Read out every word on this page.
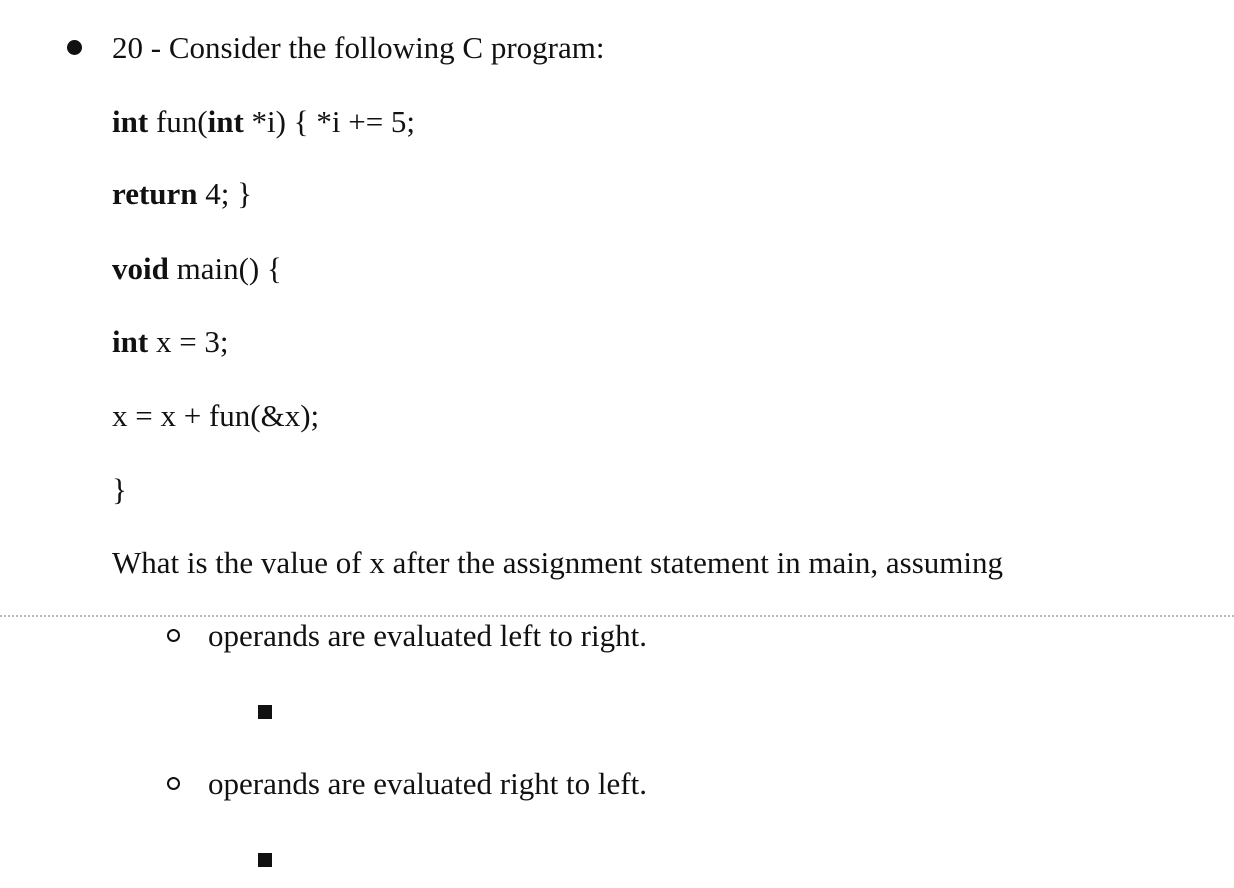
20 - Consider the following C program:
int fun(int *i) { *i += 5;
return 4; }
void main() {
int x = 3;
x = x + fun(&x);
}
What is the value of x after the assignment statement in main, assuming
operands are evaluated left to right.
operands are evaluated right to left.
